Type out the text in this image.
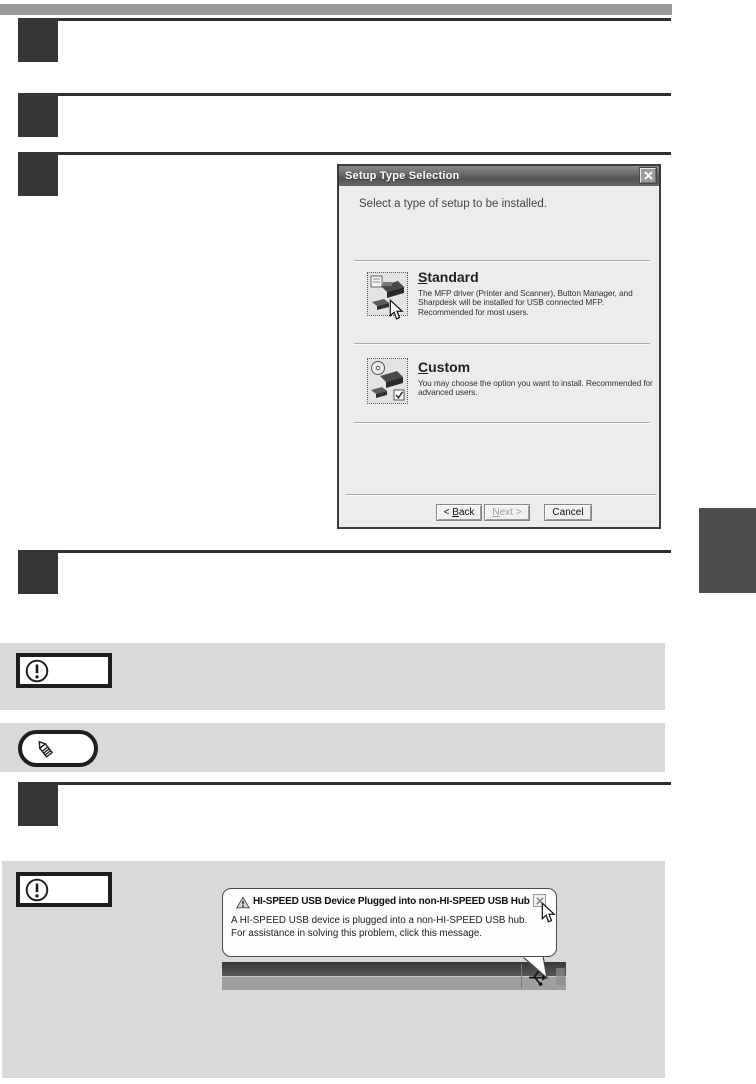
Setup Type Selection
Select a type of setup to be installed.
Standard
The MFP driver (Printer and Scanner), Button Manager, and
Sharpdesk will be installed for USB connected MFP.
Recommended for most users.
Custom
You may choose the option you want to install. Recommended for
advanced users.
< Back	Next >	Cancel
HI-SPEED USB Device Plugged into non-HI-SPEED USB Hub
A HI-SPEED USB device is plugged into a non-HI-SPEED USB hub.
For assistance in solving this problem, click this message.
